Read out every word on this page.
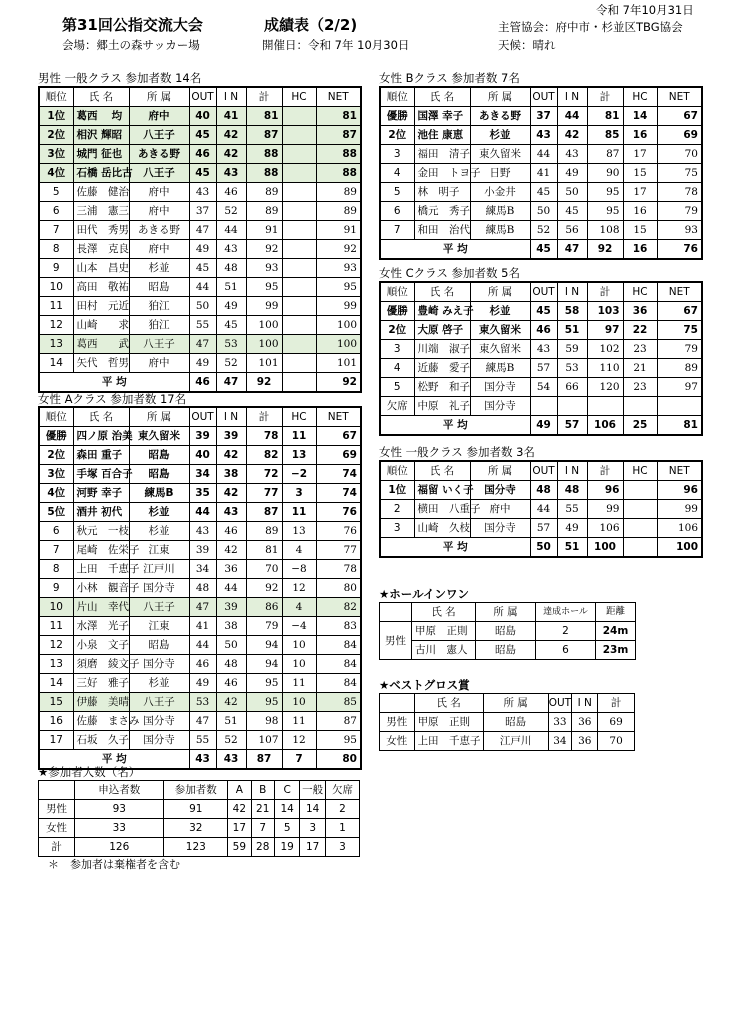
令和 7年10月31日
第31回公指交流大会	成績表（2/2)	主管協会：府中市・杉並区TBG協会
会場：郷土の森サッカー場	開催日：令和 7年 10月30日	天候：晴れ
男性 一般クラス 参加者数 14名
女性 Aクラス 参加者数 17名
女性 Bクラス 参加者数 7名
女性 Cクラス 参加者数 5名
女性 一般クラス 参加者数 3名
★ホールインワン
★ベストグロス賞
★参加者人数（名）
＊　参加者は棄権者を含む
順位	氏 名	所 属	OUT	I N	計	HC	NET
1位	葛西　 均	府中	40	41	81		81
2位	相沢 輝昭	八王子	45	42	87		87
3位	城門 征也	あきる野	46	42	88		88
4位	石橋 岳比古	八王子	45	43	88		88
5	佐藤　健治	府中	43	46	89		89
6	三浦　憲三	府中	37	52	89		89
7	田代　秀男	あきる野	47	44	91		91
8	長澤　克良	府中	49	43	92		92
9	山本　昌史	杉並	45	48	93		93
10	高田　敬祐	昭島	44	51	95		95
11	田村　元近	狛江	50	49	99		99
12	山崎　　求	狛江	55	45	100		100
13	葛西　　武	八王子	47	53	100		100
14	矢代　哲男	府中	49	52	101		101
平 均			46	47	92		92
順位	氏 名	所 属	OUT	I N	計	HC	NET
優勝	四ノ原 治美	東久留米	39	39	78	11	67
2位	森田 重子	昭島	40	42	82	13	69
3位	手塚 百合子	昭島	34	38	72	−2	74
4位	河野 幸子	練馬B	35	42	77	3	74
5位	酒井 初代	杉並	44	43	87	11	76
6	秋元　一枝	杉並	43	46	89	13	76
7	尾崎　佐栄子	江東	39	42	81	4	77
8	上田　千恵子	江戸川	34	36	70	−8	78
9	小林　観音子	国分寺	48	44	92	12	80
10	片山　幸代	八王子	47	39	86	4	82
11	水澤　光子	江東	41	38	79	−4	83
12	小泉　文子	昭島	44	50	94	10	84
13	須磨　綾文子	国分寺	46	48	94	10	84
14	三好　雅子	杉並	49	46	95	11	84
15	伊藤　美晴	八王子	53	42	95	10	85
16	佐藤　まさみ	国分寺	47	51	98	11	87
17	石坂　久子	国分寺	55	52	107	12	95
平 均			43	43	87	7	80
順位	氏 名	所 属	OUT	I N	計	HC	NET
優勝	国澤 幸子	あきる野	37	44	81	14	67
2位	池住 康恵	杉並	43	42	85	16	69
3	福田　清子	東久留米	44	43	87	17	70
4	金田　トヨ子	日野	41	49	90	15	75
5	林　明子	小金井	45	50	95	17	78
6	橋元　秀子	練馬B	50	45	95	16	79
7	和田　治代	練馬B	52	56	108	15	93
平 均			45	47	92	16	76
順位	氏 名	所 属	OUT	I N	計	HC	NET
優勝	豊崎 みえ子	杉並	45	58	103	36	67
2位	大原 啓子	東久留米	46	51	97	22	75
3	川端　淑子	東久留米	43	59	102	23	79
4	近藤　愛子	練馬B	57	53	110	21	89
5	松野　和子	国分寺	54	66	120	23	97
欠席	中原　礼子	国分寺					
平 均			49	57	106	25	81
順位	氏 名	所 属	OUT	I N	計	HC	NET
1位	福留 いく子	国分寺	48	48	96		96
2	横田　八重子	府中	44	55	99		99
3	山崎　久枝	国分寺	57	49	106		106
平 均			50	51	100		100
	氏 名	所 属	達成ホール	距離
男性	甲原　正則	昭島	2	24m
	古川　憲人	昭島	6	23m
	氏 名	所 属	OUT	I N	計
男性	甲原　正則	昭島	33	36	69
女性	上田　千恵子	江戸川	34	36	70
	申込者数	参加者数	A	B	C	一般	欠席
男性	93	91	42	21	14	14	2
女性	33	32	17	7	5	3	1
計	126	123	59	28	19	17	3
